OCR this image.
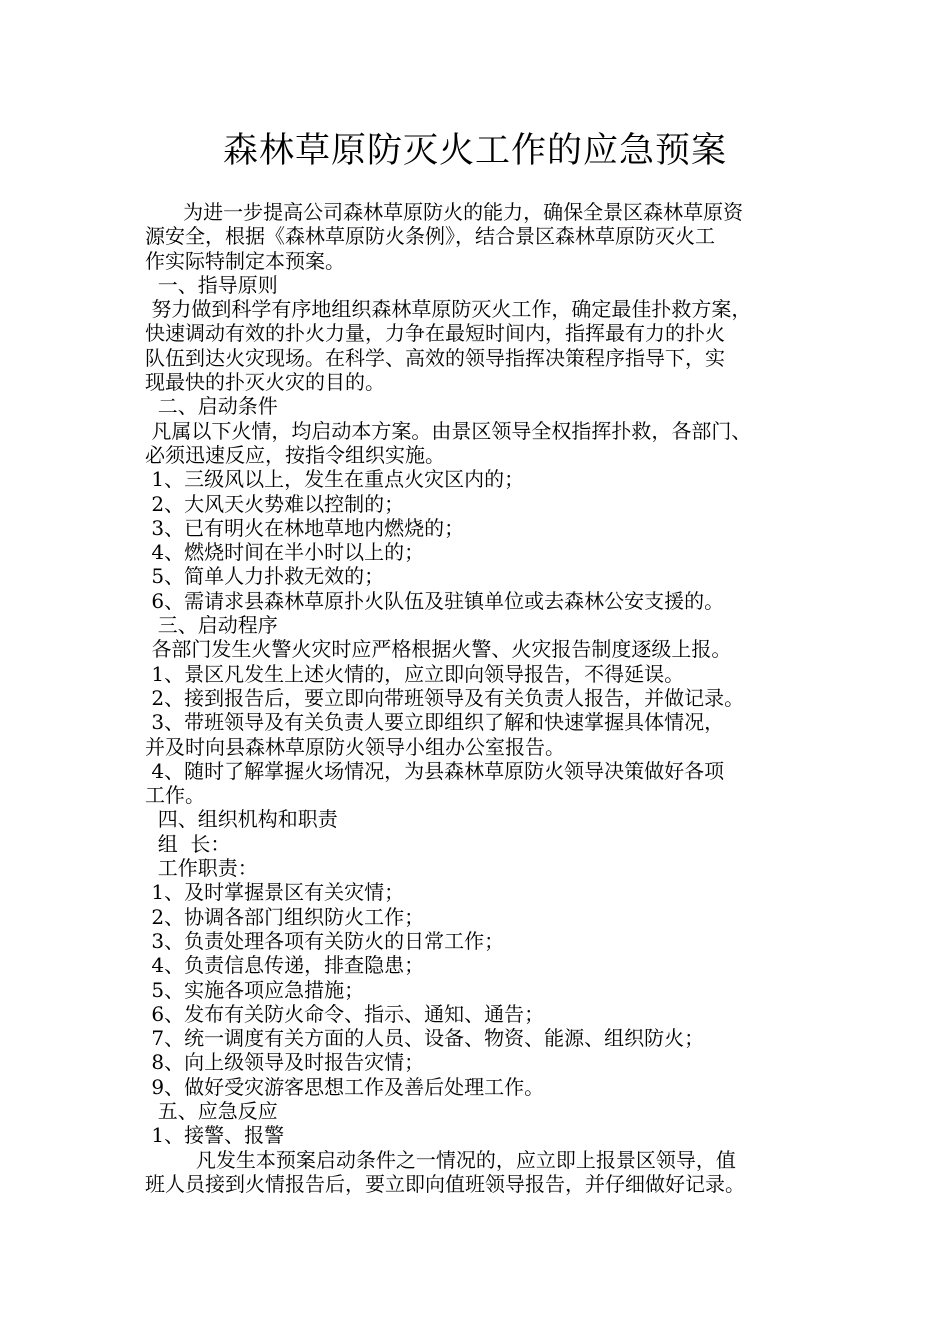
森林草原防灭火工作的应急预案

为进一步提高公司森林草原防火的能力，确保全景区森林草原资

源安全，根据《森林草原防火条例》，结合景区森林草原防灭火工

作实际特制定本预案。

一、指导原则

努力做到科学有序地组织森林草原防灭火工作，确定最佳扑救方案，

快速调动有效的扑火力量，力争在最短时间内，指挥最有力的扑火

队伍到达火灾现场。在科学、高效的领导指挥决策程序指导下，实

现最快的扑灭火灾的目的。

二、启动条件

凡属以下火情，均启动本方案。由景区领导全权指挥扑救，各部门、

必须迅速反应，按指令组织实施。

1、三级风以上，发生在重点火灾区内的；

2、大风天火势难以控制的；

3、已有明火在林地草地内燃烧的；

4、燃烧时间在半小时以上的；

5、简单人力扑救无效的；

6、需请求县森林草原扑火队伍及驻镇单位或去森林公安支援的。

三、启动程序

各部门发生火警火灾时应严格根据火警、火灾报告制度逐级上报。

1、景区凡发生上述火情的，应立即向领导报告，不得延误。

2、接到报告后，要立即向带班领导及有关负责人报告，并做记录。

3、带班领导及有关负责人要立即组织了解和快速掌握具体情况，

并及时向县森林草原防火领导小组办公室报告。

4、随时了解掌握火场情况，为县森林草原防火领导决策做好各项

工作。

四、组织机构和职责

组  长：

工作职责：

1、及时掌握景区有关灾情；

2、协调各部门组织防火工作；

3、负责处理各项有关防火的日常工作；

4、负责信息传递，排查隐患；

5、实施各项应急措施；

6、发布有关防火命令、指示、通知、通告；

7、统一调度有关方面的人员、设备、物资、能源、组织防火；

8、向上级领导及时报告灾情；

9、做好受灾游客思想工作及善后处理工作。

五、应急反应

1、接警、报警

凡发生本预案启动条件之一情况的，应立即上报景区领导，值

班人员接到火情报告后，要立即向值班领导报告，并仔细做好记录。
